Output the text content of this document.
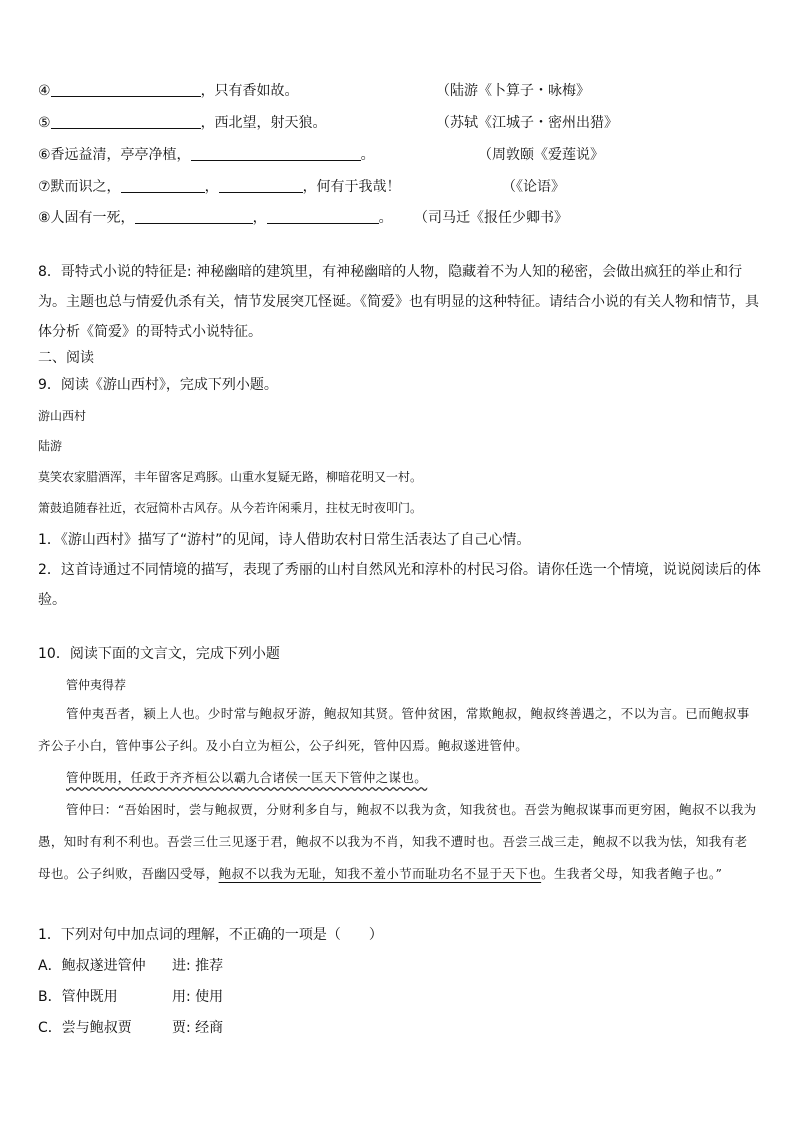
④	，只有香如故。	（陆游《卜算子・咏梅》
⑤	，西北望，射天狼。	（苏轼《江城子・密州出猎》
⑥香远益清，亭亭净植，	。	（周敦颐《爱莲说》
⑦默而识之，	，	，何有于我哉！	（《论语》
⑧人固有一死，	，	。 （司马迁《报任少卿书》
8．哥特式小说的特征是: 神秘幽暗的建筑里，有神秘幽暗的人物，隐藏着不为人知的秘密，会做出疯狂的举止和行为。主题也总与情爱仇杀有关，情节发展突兀怪诞。《简爱》也有明显的这种特征。请结合小说的有关人物和情节，具体分析《简爱》的哥特式小说特征。
二、阅读
9．阅读《游山西村》，完成下列小题。
游山西村
陆游
莫笑农家腊酒浑，丰年留客足鸡豚。山重水复疑无路，柳暗花明又一村。
箫鼓追随春社近，衣冠简朴古风存。从今若许闲乘月，拄杖无时夜叩门。
1．《游山西村》描写了“游村”的见闻，诗人借助农村日常生活表达了自己心情。
2．这首诗通过不同情境的描写，表现了秀丽的山村自然风光和淳朴的村民习俗。请你任选一个情境，说说阅读后的体验。
10．阅读下面的文言文，完成下列小题
管仲夷得荐
管仲夷吾者，颍上人也。少时常与鲍叔牙游，鲍叔知其贤。管仲贫困，常欺鲍叔，鲍叔终善遇之，不以为言。已而鲍叔事齐公子小白，管仲事公子纠。及小白立为桓公，公子纠死，管仲囚焉。鲍叔遂进管仲。
管仲既用，任政于齐齐桓公以霸九合诸侯一匡天下管仲之谋也。
管仲曰：“吾始困时，尝与鲍叔贾，分财利多自与，鲍叔不以我为贪，知我贫也。吾尝为鲍叔谋事而更穷困，鲍叔不以我为愚，知时有利不利也。吾尝三仕三见逐于君，鲍叔不以我为不肖，知我不遭时也。吾尝三战三走，鲍叔不以我为怯，知我有老母也。公子纠败，吾幽囚受辱，鲍叔不以我为无耻，知我不羞小节而耻功名不显于天下也。生我者父母，知我者鲍子也。”
1．下列对句中加点词的理解，不正确的一项是（　　）
A．鲍叔遂进管仲 进: 推荐
B．管仲既用	用: 使用
C．尝与鲍叔贾	贾: 经商
